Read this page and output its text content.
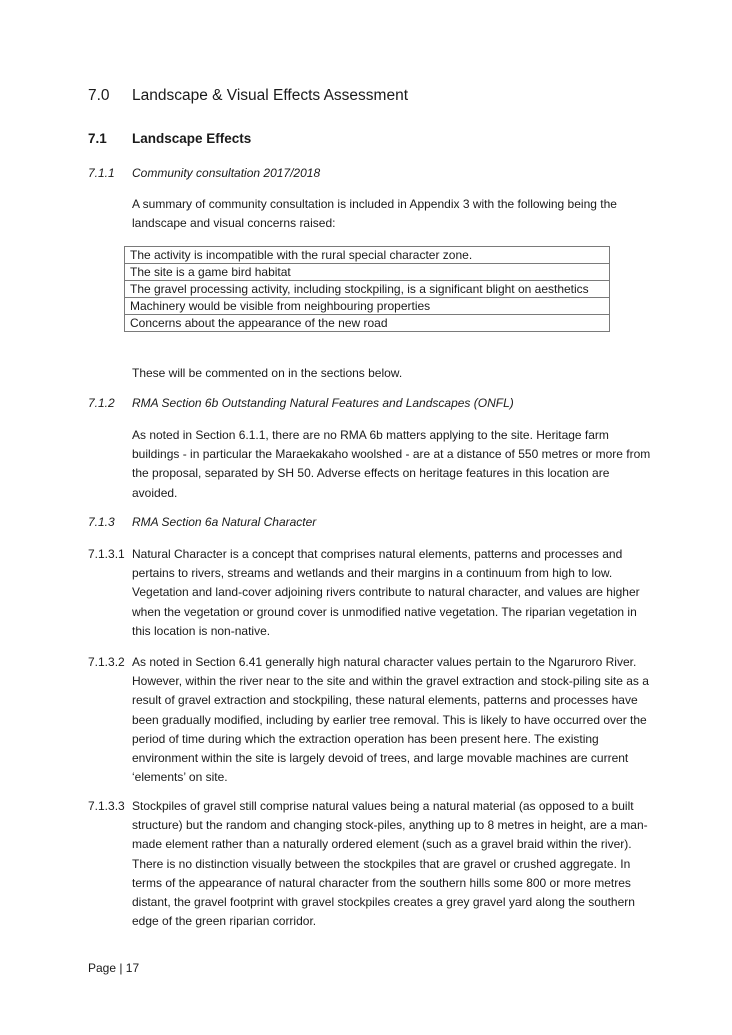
7.0 Landscape & Visual Effects Assessment
7.1 Landscape Effects
7.1.1 Community consultation 2017/2018
A summary of community consultation is included in Appendix 3 with the following being the landscape and visual concerns raised:
The activity is incompatible with the rural special character zone.
The site is a game bird habitat
The gravel processing activity, including stockpiling, is a significant blight on aesthetics
Machinery would be visible from neighbouring properties
Concerns about the appearance of the new road
These will be commented on in the sections below.
7.1.2 RMA Section 6b Outstanding Natural Features and Landscapes (ONFL)
As noted in Section 6.1.1, there are no RMA 6b matters applying to the site. Heritage farm buildings - in particular the Maraekakaho woolshed - are at a distance of 550 metres or more from the proposal, separated by SH 50. Adverse effects on heritage features in this location are avoided.
7.1.3 RMA Section 6a Natural Character
7.1.3.1 Natural Character is a concept that comprises natural elements, patterns and processes and pertains to rivers, streams and wetlands and their margins in a continuum from high to low. Vegetation and land-cover adjoining rivers contribute to natural character, and values are higher when the vegetation or ground cover is unmodified native vegetation. The riparian vegetation in this location is non-native.
7.1.3.2 As noted in Section 6.41 generally high natural character values pertain to the Ngaruroro River. However, within the river near to the site and within the gravel extraction and stock-piling site as a result of gravel extraction and stockpiling, these natural elements, patterns and processes have been gradually modified, including by earlier tree removal. This is likely to have occurred over the period of time during which the extraction operation has been present here. The existing environment within the site is largely devoid of trees, and large movable machines are current ‘elements’ on site.
7.1.3.3 Stockpiles of gravel still comprise natural values being a natural material (as opposed to a built structure) but the random and changing stock-piles, anything up to 8 metres in height, are a man-made element rather than a naturally ordered element (such as a gravel braid within the river). There is no distinction visually between the stockpiles that are gravel or crushed aggregate. In terms of the appearance of natural character from the southern hills some 800 or more metres distant, the gravel footprint with gravel stockpiles creates a grey gravel yard along the southern edge of the green riparian corridor.
Page | 17
